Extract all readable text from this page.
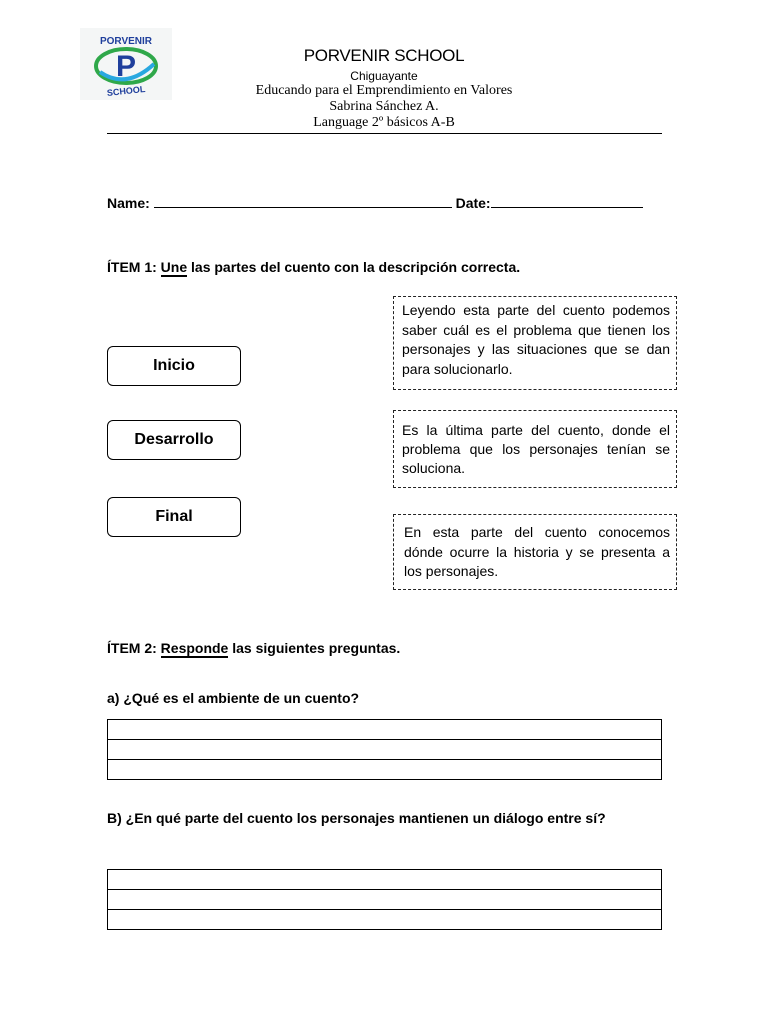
P
PORVENIR
SCHOOL
PORVENIR SCHOOL
Chiguayante
Educando para el Emprendimiento en Valores
Sabrina Sánchez A.
Language 2º básicos A-B
Name:	Date:
ÍTEM 1: Une las partes del cuento con la descripción correcta.
Inicio
Desarrollo
Final
Leyendo esta parte del cuento podemos saber cuál es el problema que tienen los personajes y las situaciones que se dan para solucionarlo.
Es la última parte del cuento, donde el problema que los personajes tenían se soluciona.
En esta parte del cuento conocemos dónde ocurre la historia y se presenta a los personajes.
ÍTEM 2: Responde las siguientes preguntas.
a) ¿Qué es el ambiente de un cuento?

B) ¿En qué parte del cuento los personajes mantienen un diálogo entre sí?
